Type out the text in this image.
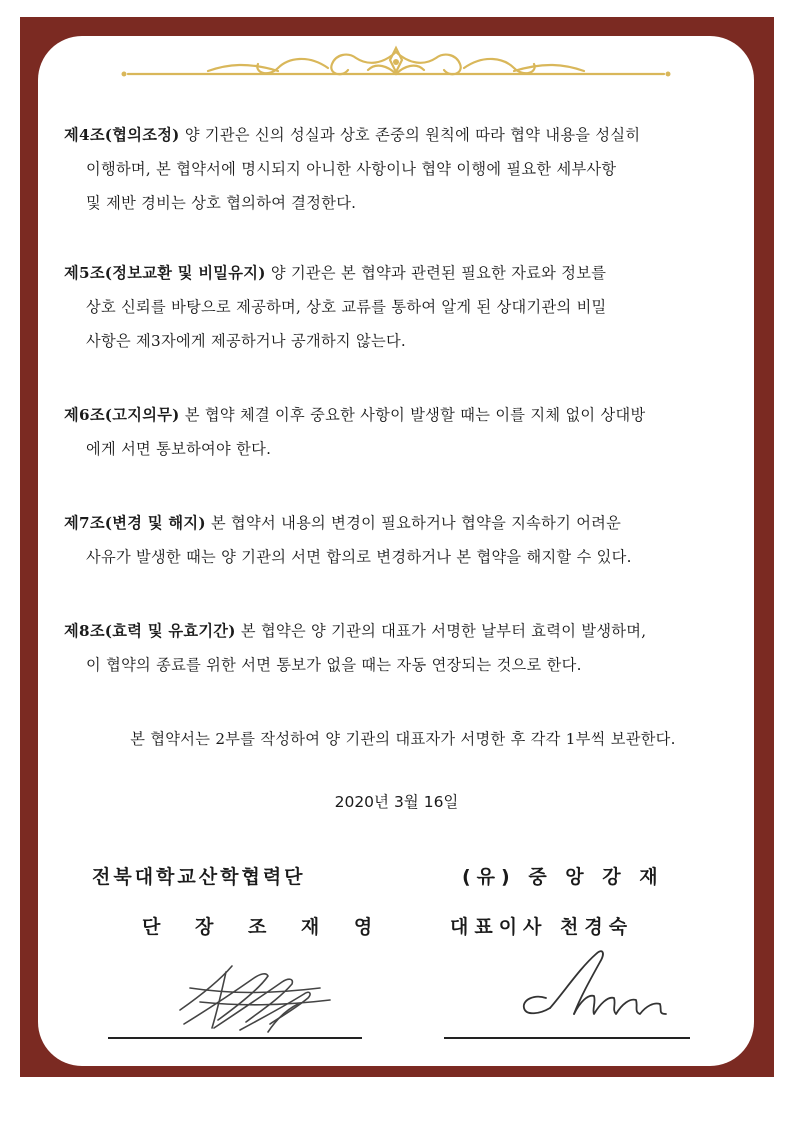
제4조(협의조정) 양 기관은 신의 성실과 상호 존중의 원칙에 따라 협약 내용을 성실히
이행하며, 본 협약서에 명시되지 아니한 사항이나 협약 이행에 필요한 세부사항
및 제반 경비는 상호 협의하여 결정한다.
제5조(정보교환 및 비밀유지) 양 기관은 본 협약과 관련된 필요한 자료와 정보를
상호 신뢰를 바탕으로 제공하며, 상호 교류를 통하여 알게 된 상대기관의 비밀
사항은 제3자에게 제공하거나 공개하지 않는다.
제6조(고지의무) 본 협약 체결 이후 중요한 사항이 발생할 때는 이를 지체 없이 상대방
에게 서면 통보하여야 한다.
제7조(변경 및 해지) 본 협약서 내용의 변경이 필요하거나 협약을 지속하기 어려운
사유가 발생한 때는 양 기관의 서면 합의로 변경하거나 본 협약을 해지할 수 있다.
제8조(효력 및 유효기간) 본 협약은 양 기관의 대표가 서명한 날부터 효력이 발생하며,
이 협약의 종료를 위한 서면 통보가 없을 때는 자동 연장되는 것으로 한다.
본 협약서는 2부를 작성하여 양 기관의 대표자가 서명한 후 각각 1부씩 보관한다.
2020년 3월 16일
전북대학교산학협력단
단 장 조 재 영
(유) 중 앙 강 재
대표이사 천경숙
